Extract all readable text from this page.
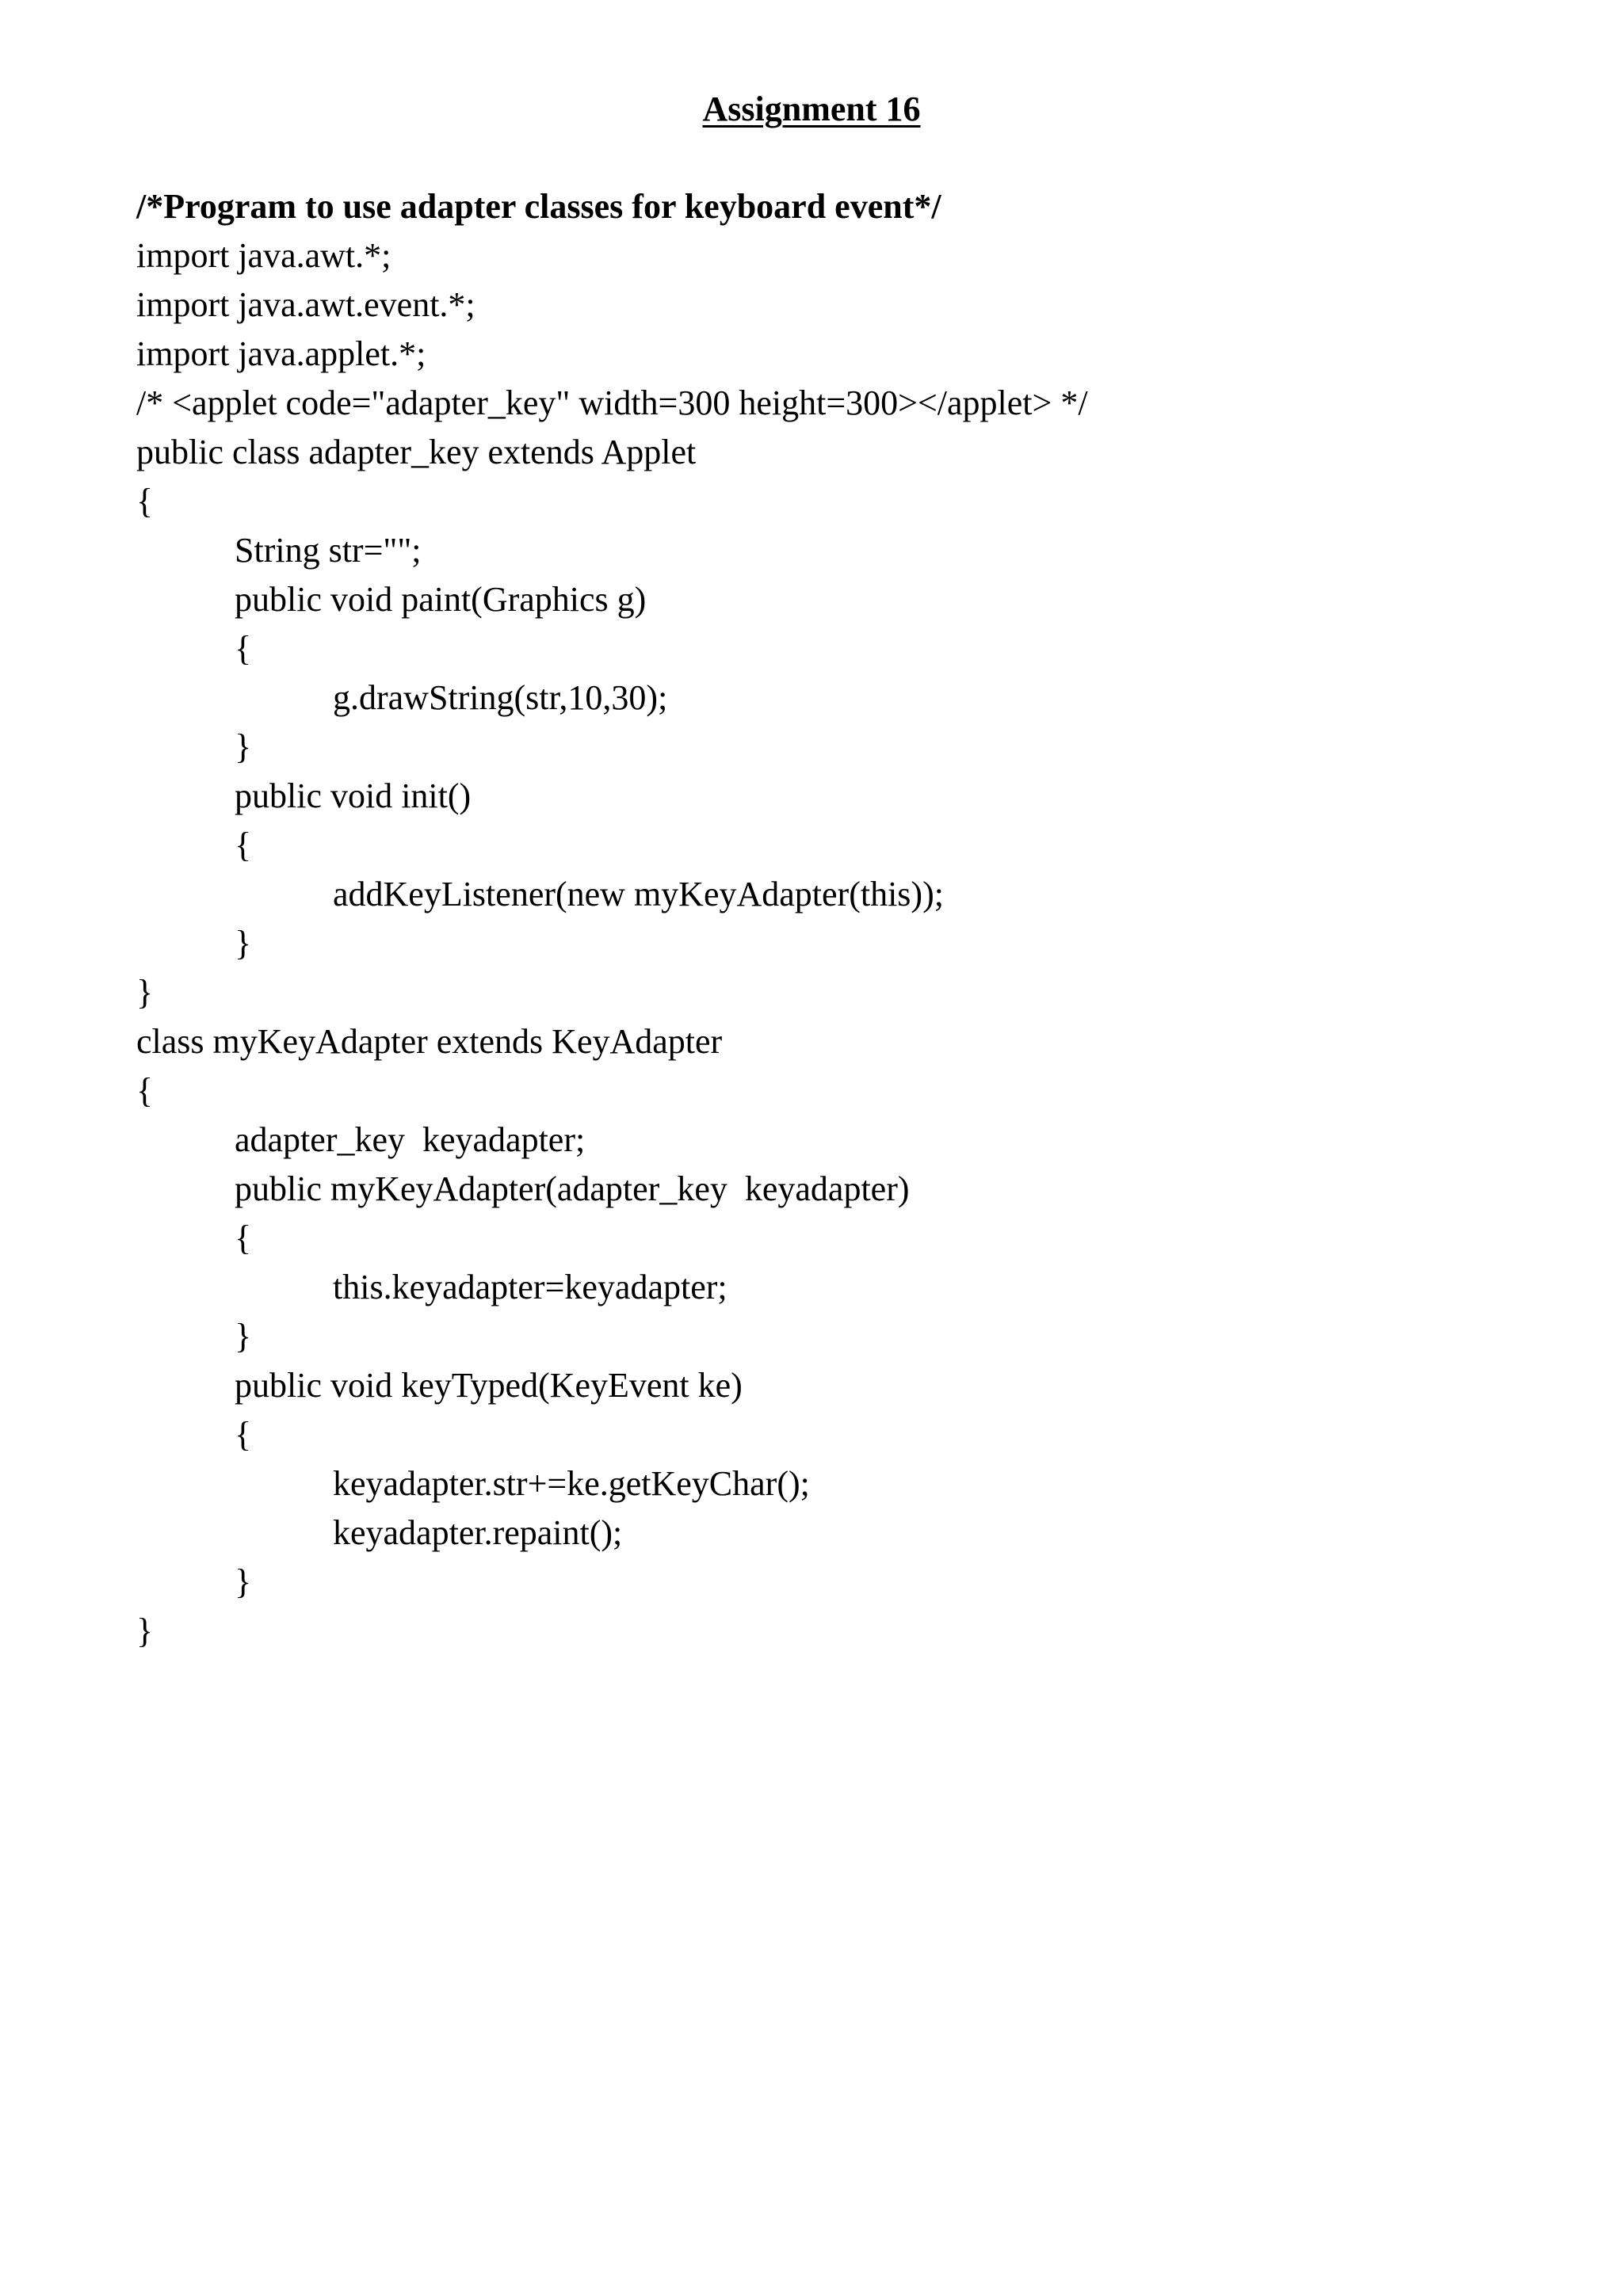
Assignment 16
/*Program to use adapter classes for keyboard event*/
import java.awt.*;
import java.awt.event.*;
import java.applet.*;
/* <applet code="adapter_key" width=300 height=300></applet> */
public class adapter_key extends Applet
{
String str="";
public void paint(Graphics g)
{
g.drawString(str,10,30);
}
public void init()
{
addKeyListener(new myKeyAdapter(this));
}
}
class myKeyAdapter extends KeyAdapter
{
adapter_key  keyadapter;
public myKeyAdapter(adapter_key  keyadapter)
{
this.keyadapter=keyadapter;
}
public void keyTyped(KeyEvent ke)
{
keyadapter.str+=ke.getKeyChar();
keyadapter.repaint();
}
}
